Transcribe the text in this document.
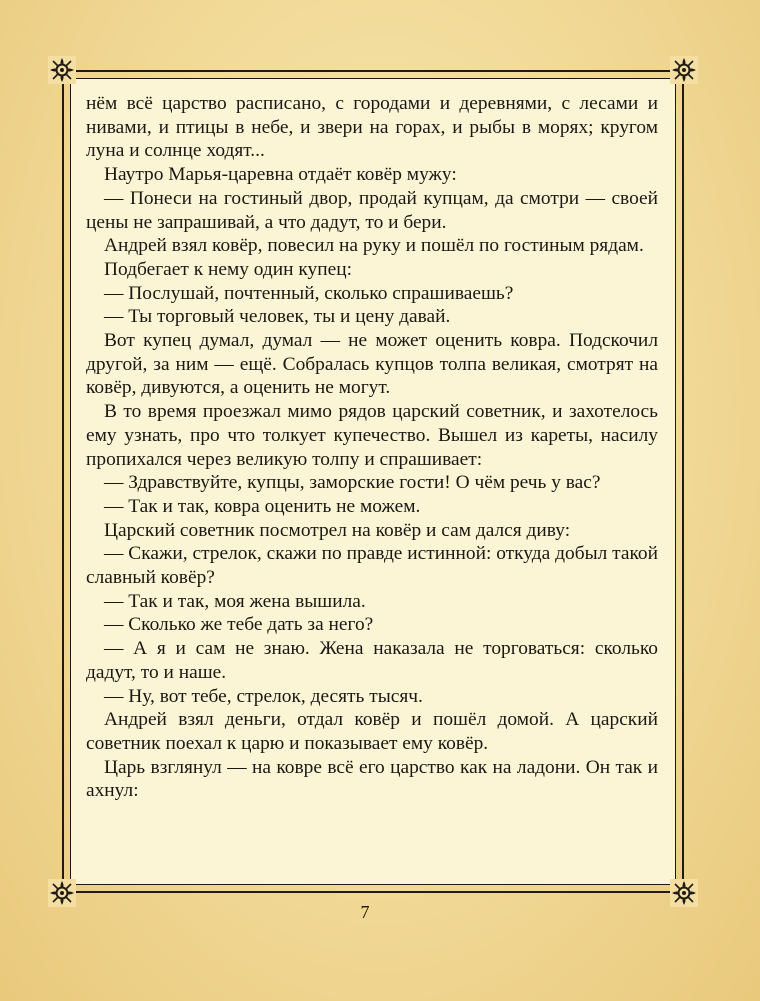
нём всё царство расписано, с городами и деревнями, с лесами и нивами, и птицы в небе, и звери на горах, и рыбы в морях; кругом луна и солнце ходят...

Наутро Марья-царевна отдаёт ковёр мужу:

— Понеси на гостиный двор, продай купцам, да смотри — своей цены не запрашивай, а что дадут, то и бери.

Андрей взял ковёр, повесил на руку и пошёл по гостиным рядам.

Подбегает к нему один купец:

— Послушай, почтенный, сколько спрашиваешь?

— Ты торговый человек, ты и цену давай.

Вот купец думал, думал — не может оценить ковра. Подскочил другой, за ним — ещё. Собралась купцов толпа великая, смотрят на ковёр, дивуются, а оценить не могут.

В то время проезжал мимо рядов царский советник, и захотелось ему узнать, про что толкует купечество. Вышел из кареты, насилу пропихался через великую толпу и спрашивает:

— Здравствуйте, купцы, заморские гости! О чём речь у вас?

— Так и так, ковра оценить не можем.

Царский советник посмотрел на ковёр и сам дался диву:

— Скажи, стрелок, скажи по правде истинной: откуда добыл такой славный ковёр?

— Так и так, моя жена вышила.

— Сколько же тебе дать за него?

— А я и сам не знаю. Жена наказала не торговаться: сколько дадут, то и наше.

— Ну, вот тебе, стрелок, десять тысяч.

Андрей взял деньги, отдал ковёр и пошёл домой. А царский советник поехал к царю и показывает ему ковёр.

Царь взглянул — на ковре всё его царство как на ладони. Он так и ахнул:

7
